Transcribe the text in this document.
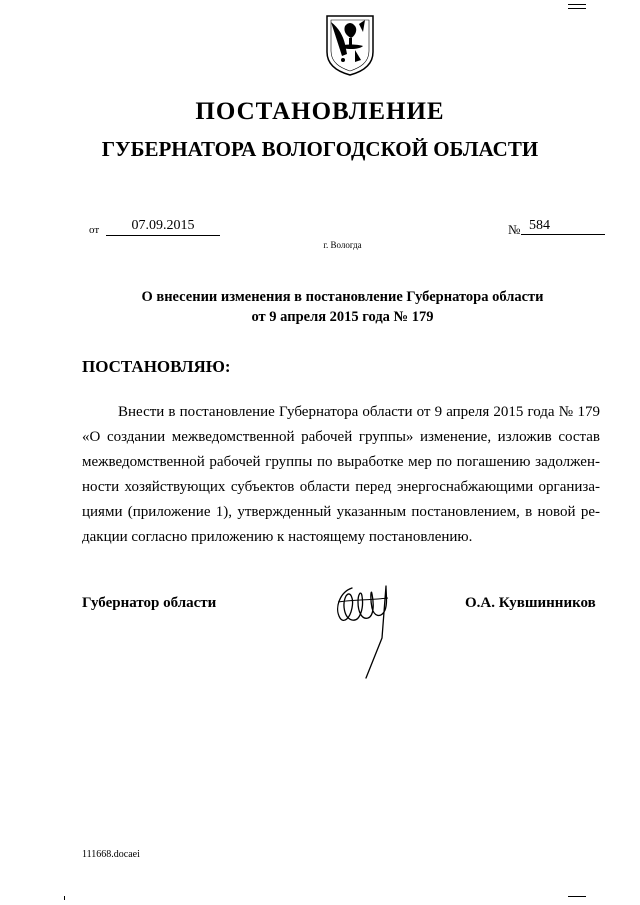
ПОСТАНОВЛЕНИЕ
ГУБЕРНАТОРА ВОЛОГОДСКОЙ ОБЛАСТИ
от	07.09.2015	№ 584
г. Вологда
О внесении изменения в постановление Губернатора области
от 9 апреля 2015 года № 179
ПОСТАНОВЛЯЮ:
Внести в постановление Губернатора области от 9 апреля 2015 года № 179
«О создании межведомственной рабочей группы» изменение, изложив состав
межведомственной рабочей группы по выработке мер по погашению задолжен-
ности хозяйствующих субъектов области перед энергоснабжающими организа-
циями (приложение 1), утвержденный указанным постановлением, в новой ре-
дакции согласно приложению к настоящему постановлению.
Губернатор области	О.А. Кувшинников
111668.docaei
